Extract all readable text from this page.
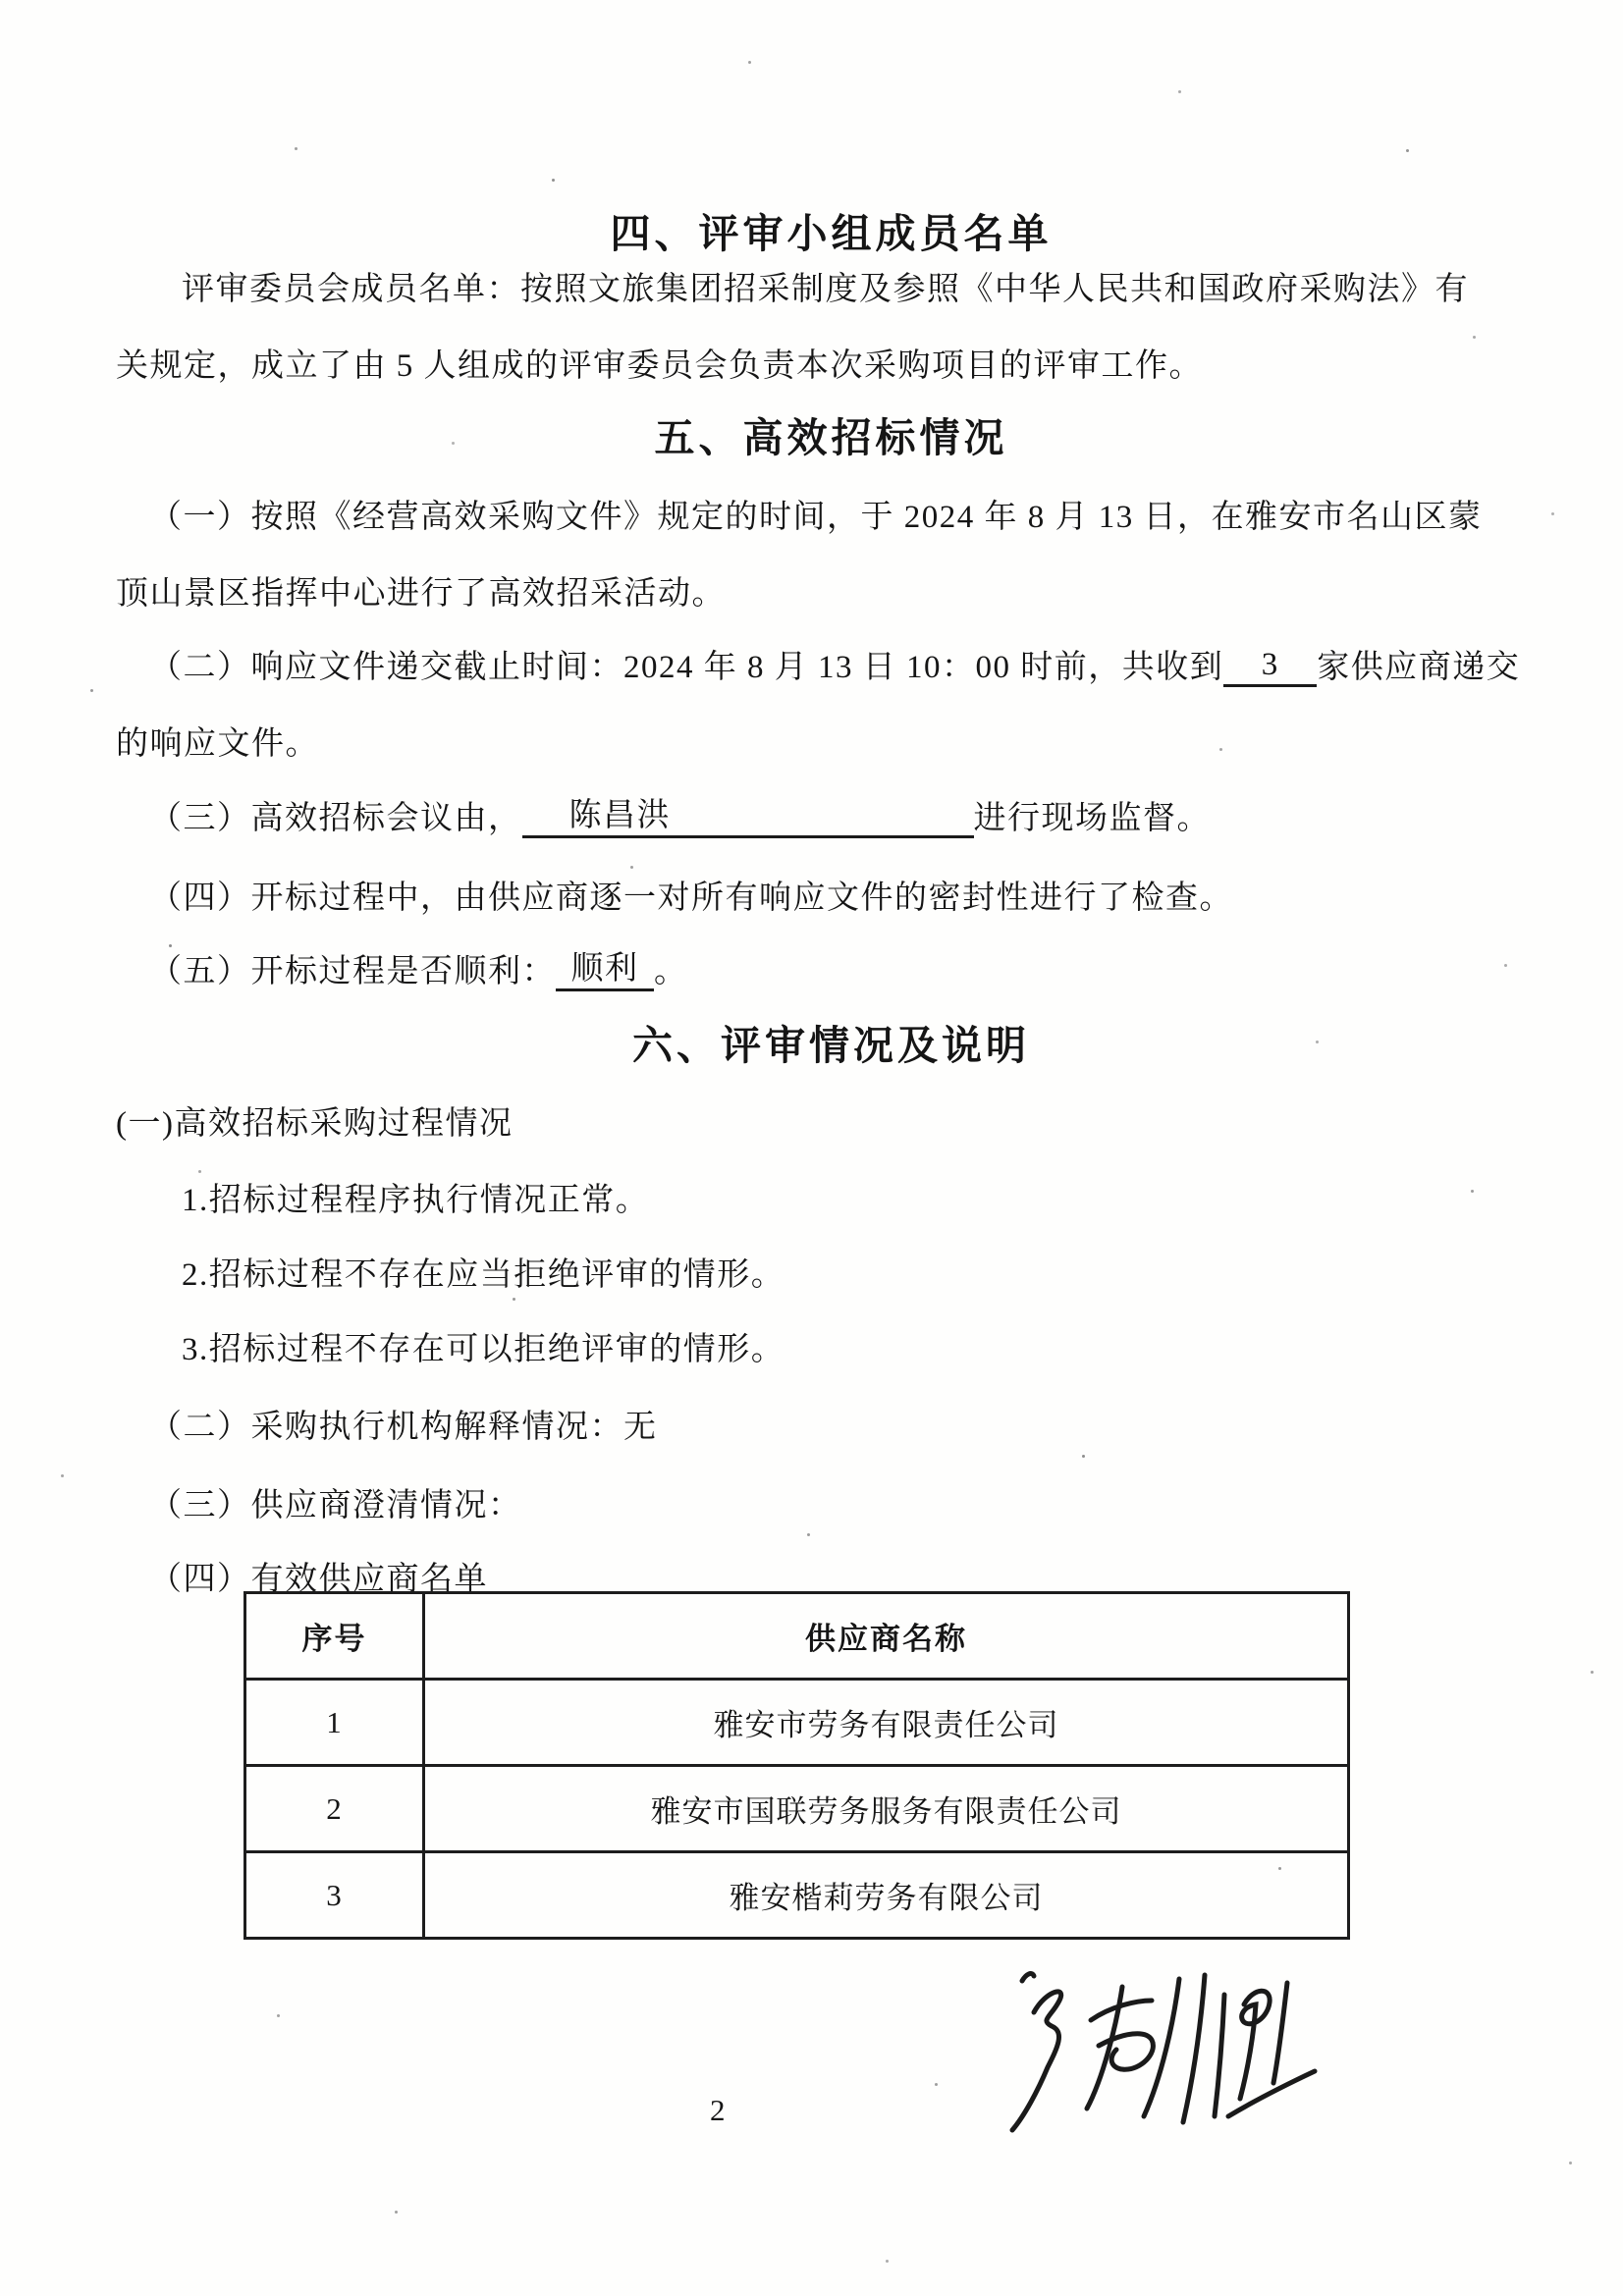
四、评审小组成员名单
评审委员会成员名单：按照文旅集团招采制度及参照《中华人民共和国政府采购法》有
关规定，成立了由 5 人组成的评审委员会负责本次采购项目的评审工作。
五、高效招标情况
（一）按照《经营高效采购文件》规定的时间，于 2024 年 8 月 13 日，在雅安市名山区蒙
顶山景区指挥中心进行了高效招采活动。
（二）响应文件递交截止时间：2024 年 8 月 13 日 10：00 时前，共收到 3 家供应商递交
的响应文件。
（三）高效招标会议由， 陈昌洪	进行现场监督。
（四）开标过程中，由供应商逐一对所有响应文件的密封性进行了检查。
（五）开标过程是否顺利： 顺利 。
六、评审情况及说明
(一)高效招标采购过程情况
1.招标过程程序执行情况正常。
2.招标过程不存在应当拒绝评审的情形。
3.招标过程不存在可以拒绝评审的情形。
（二）采购执行机构解释情况：无
（三）供应商澄清情况：
（四）有效供应商名单
序号	供应商名称
1	雅安市劳务有限责任公司
2	雅安市国联劳务服务有限责任公司
3	雅安楷莉劳务有限公司
2
